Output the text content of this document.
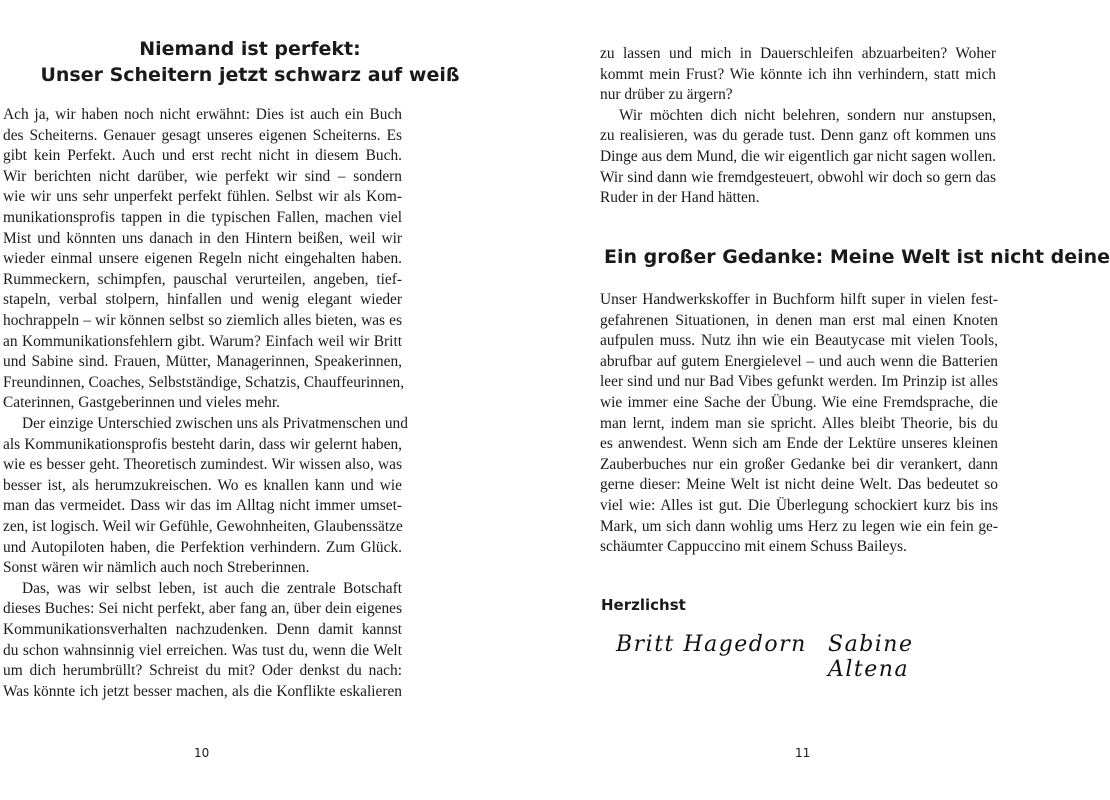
Niemand ist perfekt:

Unser Scheitern jetzt schwarz auf weiß

Ach ja, wir haben noch nicht erwähnt: Dies ist auch ein Buch
des Scheiterns. Genauer gesagt unseres eigenen Scheiterns. Es
gibt kein Perfekt. Auch und erst recht nicht in diesem Buch.
Wir berichten nicht darüber, wie perfekt wir sind – sondern
wie wir uns sehr unperfekt perfekt fühlen. Selbst wir als Kom-
munikationsprofis tappen in die typischen Fallen, machen viel
Mist und könnten uns danach in den Hintern beißen, weil wir
wieder einmal unsere eigenen Regeln nicht eingehalten haben.
Rummeckern, schimpfen, pauschal verurteilen, angeben, tief-
stapeln, verbal stolpern, hinfallen und wenig elegant wieder
hochrappeln – wir können selbst so ziemlich alles bieten, was es
an Kommunikationsfehlern gibt. Warum? Einfach weil wir Britt
und Sabine sind. Frauen, Mütter, Managerinnen, Speakerinnen,
Freundinnen, Coaches, Selbstständige, Schatzis, Chauffeurinnen,
Caterinnen, Gastgeberinnen und vieles mehr.
Der einzige Unterschied zwischen uns als Privatmenschen und
als Kommunikationsprofis besteht darin, dass wir gelernt haben,
wie es besser geht. Theoretisch zumindest. Wir wissen also, was
besser ist, als herumzukreischen. Wo es knallen kann und wie
man das vermeidet. Dass wir das im Alltag nicht immer umset-
zen, ist logisch. Weil wir Gefühle, Gewohnheiten, Glaubenssätze
und Autopiloten haben, die Perfektion verhindern. Zum Glück.
Sonst wären wir nämlich auch noch Streberinnen.
Das, was wir selbst leben, ist auch die zentrale Botschaft
dieses Buches: Sei nicht perfekt, aber fang an, über dein eigenes
Kommunikationsverhalten nachzudenken. Denn damit kannst
du schon wahnsinnig viel erreichen. Was tust du, wenn die Welt
um dich herumbrüllt? Schreist du mit? Oder denkst du nach:
Was könnte ich jetzt besser machen, als die Konflikte eskalieren
10
zu lassen und mich in Dauerschleifen abzuarbeiten? Woher
kommt mein Frust? Wie könnte ich ihn verhindern, statt mich
nur drüber zu ärgern?
Wir möchten dich nicht belehren, sondern nur anstupsen,
zu realisieren, was du gerade tust. Denn ganz oft kommen uns
Dinge aus dem Mund, die wir eigentlich gar nicht sagen wollen.
Wir sind dann wie fremdgesteuert, obwohl wir doch so gern das
Ruder in der Hand hätten.

Ein großer Gedanke: Meine Welt ist nicht deine

Unser Handwerkskoffer in Buchform hilft super in vielen fest-
gefahrenen Situationen, in denen man erst mal einen Knoten
aufpulen muss. Nutz ihn wie ein Beautycase mit vielen Tools,
abrufbar auf gutem Energielevel – und auch wenn die Batterien
leer sind und nur Bad Vibes gefunkt werden. Im Prinzip ist alles
wie immer eine Sache der Übung. Wie eine Fremdsprache, die
man lernt, indem man sie spricht. Alles bleibt Theorie, bis du
es anwendest. Wenn sich am Ende der Lektüre unseres kleinen
Zauberbuches nur ein großer Gedanke bei dir verankert, dann
gerne dieser: Meine Welt ist nicht deine Welt. Das bedeutet so
viel wie: Alles ist gut. Die Überlegung schockiert kurz bis ins
Mark, um sich dann wohlig ums Herz zu legen wie ein fein ge-
schäumter Cappuccino mit einem Schuss Baileys.
Herzlichst
Britt Hagedorn Sabine Altena
11
